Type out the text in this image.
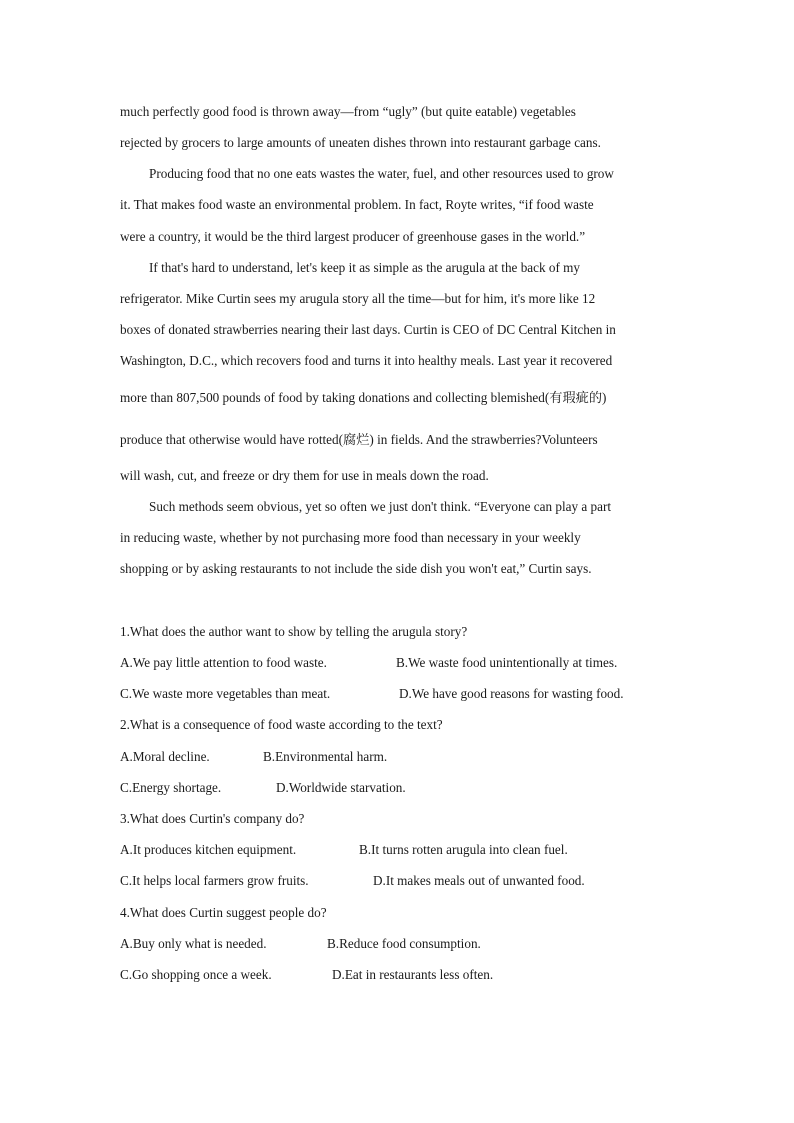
much perfectly good food is thrown away—from “ugly” (but quite eatable) vegetables
rejected by grocers to large amounts of uneaten dishes thrown into restaurant garbage cans.
Producing food that no one eats wastes the water, fuel, and other resources used to grow
it. That makes food waste an environmental problem. In fact, Royte writes, “if food waste
were a country, it would be the third largest producer of greenhouse gases in the world.”
If that's hard to understand, let's keep it as simple as the arugula at the back of my
refrigerator. Mike Curtin sees my arugula story all the time—but for him, it's more like 12
boxes of donated strawberries nearing their last days. Curtin is CEO of DC Central Kitchen in
Washington, D.C., which recovers food and turns it into healthy meals. Last year it recovered
more than 807,500 pounds of food by taking donations and collecting blemished(有瑕疵的)
produce that otherwise would have rotted(腐烂) in fields. And the strawberries?Volunteers
will wash, cut, and freeze or dry them for use in meals down the road.
Such methods seem obvious, yet so often we just don't think. “Everyone can play a part
in reducing waste, whether by not purchasing more food than necessary in your weekly
shopping or by asking restaurants to not include the side dish you won't eat,” Curtin says.
1.What does the author want to show by telling the arugula story?
A.We pay little attention to food waste.	B.We waste food unintentionally at times.
C.We waste more vegetables than meat.	D.We have good reasons for wasting food.
2.What is a consequence of food waste according to the text?
A.Moral decline.	B.Environmental harm.
C.Energy shortage.	D.Worldwide starvation.
3.What does Curtin's company do?
A.It produces kitchen equipment.	B.It turns rotten arugula into clean fuel.
C.It helps local farmers grow fruits.	D.It makes meals out of unwanted food.
4.What does Curtin suggest people do?
A.Buy only what is needed.	B.Reduce food consumption.
C.Go shopping once a week.	D.Eat in restaurants less often.
